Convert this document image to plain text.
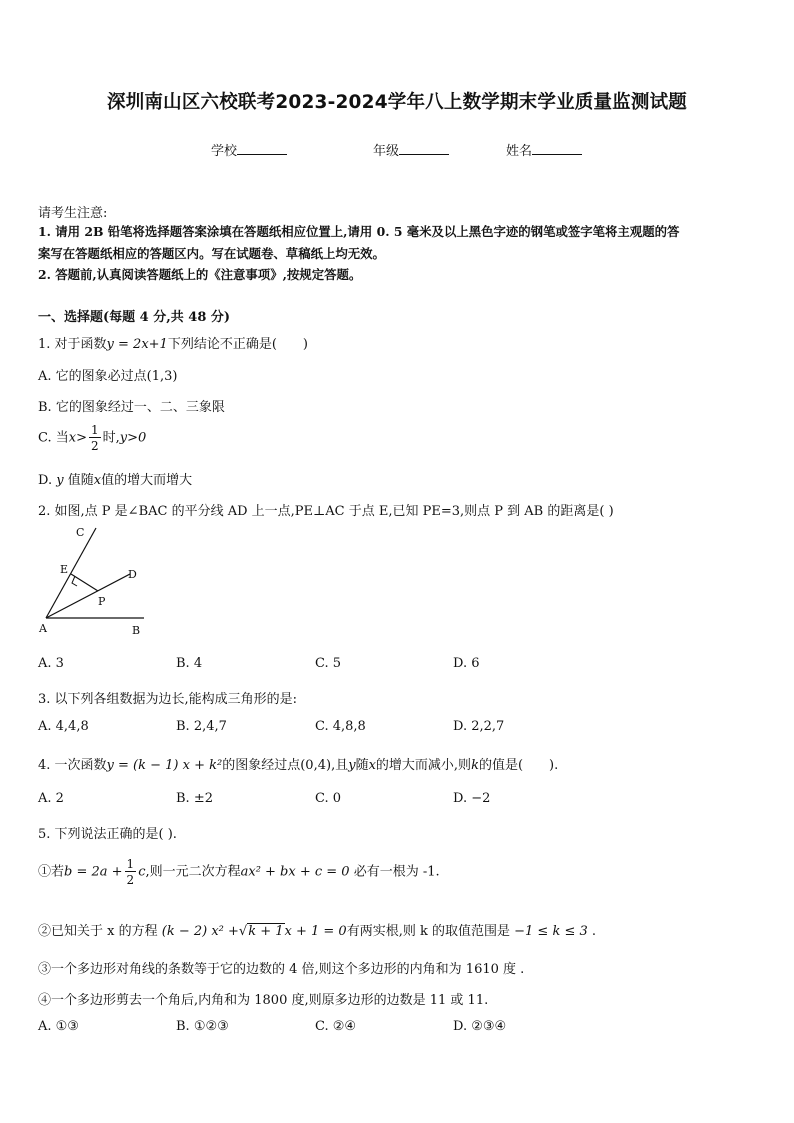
深圳南山区六校联考2023-2024学年八上数学期末学业质量监测试题
学校	年级	姓名
请考生注意:
1. 请用 2B 铅笔将选择题答案涂填在答题纸相应位置上,请用 0. 5 毫米及以上黑色字迹的钢笔或签字笔将主观题的答
案写在答题纸相应的答题区内。写在试题卷、草稿纸上均无效。
2. 答题前,认真阅读答题纸上的《注意事项》,按规定答题。
一、选择题(每题 4 分,共 48 分)
1. 对于函数y = 2x+1下列结论不正确是(　　)
A. 它的图象必过点(1,3)
B. 它的图象经过一、二、三象限
C. 当$x> \frac{1}{2}$ 时,y>0
D. y 值随x值的增大而增大
2. 如图,点 P 是∠BAC 的平分线 AD 上一点,PE⊥AC 于点 E,已知 PE=3,则点 P 到 AB 的距离是( )
C
E	D
P
A	B
A. 3	B. 4	C. 5	D. 6
3. 以下列各组数据为边长,能构成三角形的是:
A. 4,4,8	B. 2,4,7	C. 4,8,8	D. 2,2,7
4. 一次函数y = (k − 1) x + k²的图象经过点(0,4),且y随x的增大而减小,则k的值是(　　).
A. 2	B. ±2	C. 0	D. −2
5. 下列说法正确的是( ).
①若$b = 2a + \frac{1}{2} c$,则一元二次方程ax² + bx + c = 0 必有一根为 -1.
②已知关于 x 的方程 (k − 2) x² +√k + 1x + 1 = 0有两实根,则 k 的取值范围是 −1 ≤ k ≤ 3 .
③一个多边形对角线的条数等于它的边数的 4 倍,则这个多边形的内角和为 1610 度 .
④一个多边形剪去一个角后,内角和为 1800 度,则原多边形的边数是 11 或 11.
A. ①③	B. ①②③	C. ②④	D. ②③④
